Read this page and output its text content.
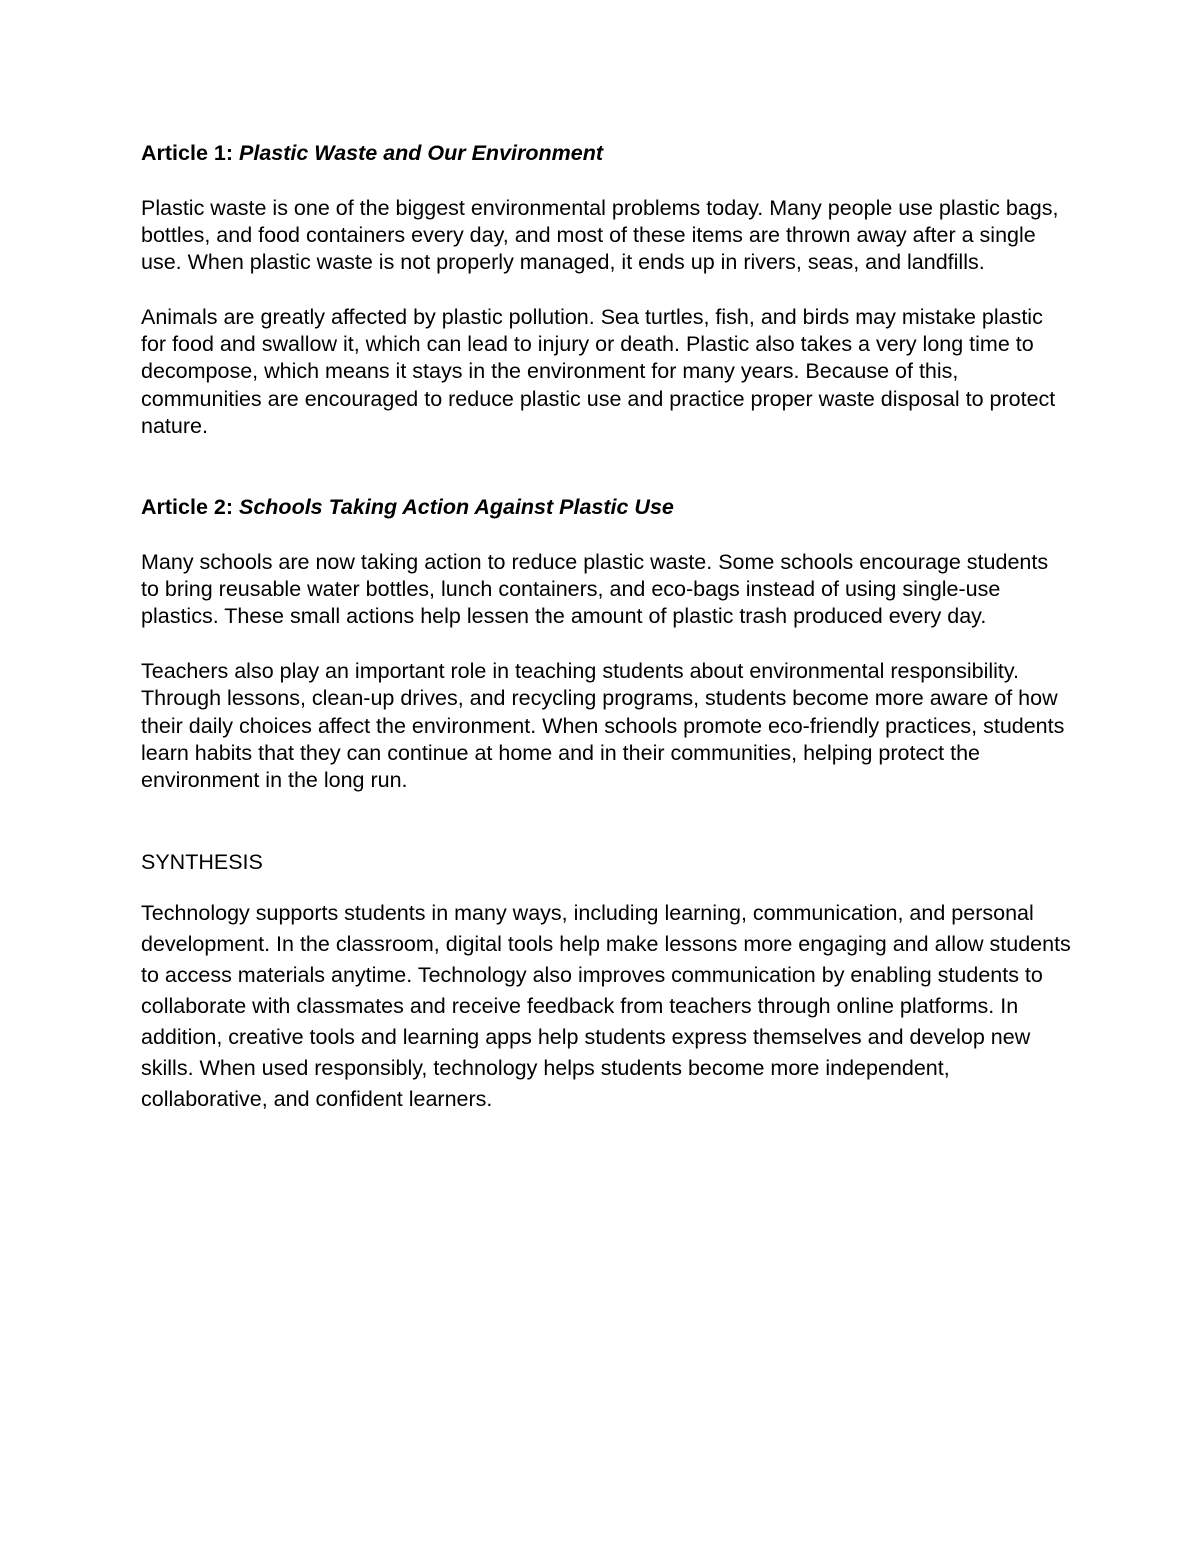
Article 1: Plastic Waste and Our Environment

Plastic waste is one of the biggest environmental problems today. Many people use plastic bags, bottles, and food containers every day, and most of these items are thrown away after a single use. When plastic waste is not properly managed, it ends up in rivers, seas, and landfills.

Animals are greatly affected by plastic pollution. Sea turtles, fish, and birds may mistake plastic for food and swallow it, which can lead to injury or death. Plastic also takes a very long time to decompose, which means it stays in the environment for many years. Because of this, communities are encouraged to reduce plastic use and practice proper waste disposal to protect nature.

Article 2: Schools Taking Action Against Plastic Use

Many schools are now taking action to reduce plastic waste. Some schools encourage students to bring reusable water bottles, lunch containers, and eco-bags instead of using single-use plastics. These small actions help lessen the amount of plastic trash produced every day.

Teachers also play an important role in teaching students about environmental responsibility. Through lessons, clean-up drives, and recycling programs, students become more aware of how their daily choices affect the environment. When schools promote eco-friendly practices, students learn habits that they can continue at home and in their communities, helping protect the environment in the long run.

SYNTHESIS

Technology supports students in many ways, including learning, communication, and personal development. In the classroom, digital tools help make lessons more engaging and allow students to access materials anytime. Technology also improves communication by enabling students to collaborate with classmates and receive feedback from teachers through online platforms. In addition, creative tools and learning apps help students express themselves and develop new skills. When used responsibly, technology helps students become more independent, collaborative, and confident learners.
